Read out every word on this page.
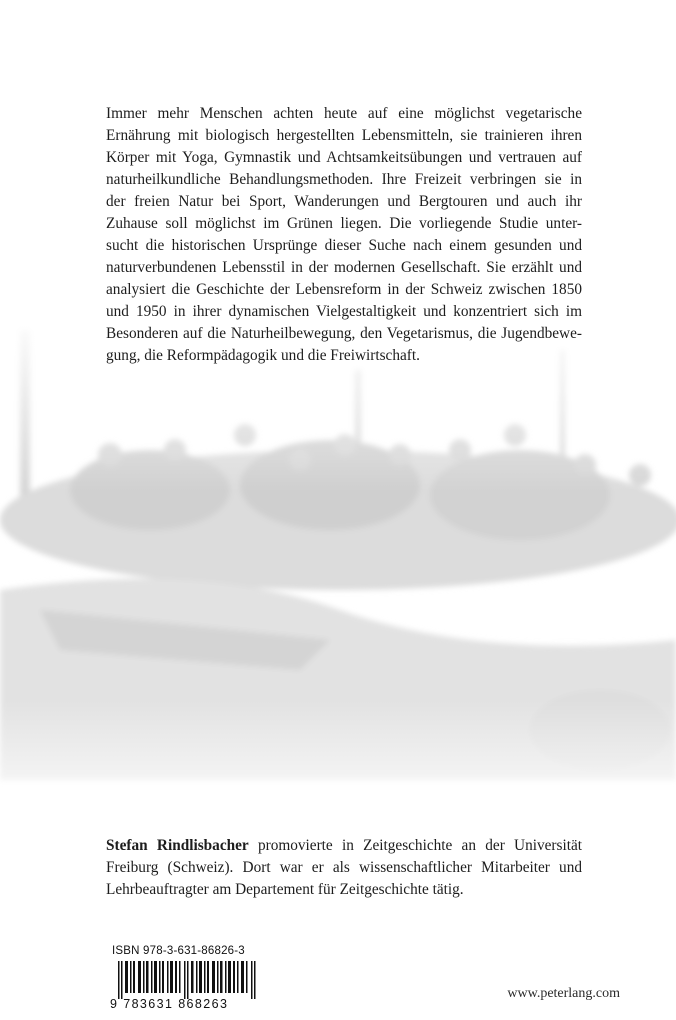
Immer mehr Menschen achten heute auf eine möglichst vegetarische
Ernährung mit biologisch hergestellten Lebensmitteln, sie trainieren ihren
Körper mit Yoga, Gymnastik und Achtsamkeitsübungen und vertrauen auf
naturheilkundliche Behandlungsmethoden. Ihre Freizeit verbringen sie in
der freien Natur bei Sport, Wanderungen und Bergtouren und auch ihr
Zuhause soll möglichst im Grünen liegen. Die vorliegende Studie unter-
sucht die historischen Ursprünge dieser Suche nach einem gesunden und
naturverbundenen Lebensstil in der modernen Gesellschaft. Sie erzählt und
analysiert die Geschichte der Lebensreform in der Schweiz zwischen 1850
und 1950 in ihrer dynamischen Vielgestaltigkeit und konzentriert sich im
Besonderen auf die Naturheilbewegung, den Vegetarismus, die Jugendbewe-
gung, die Reformpädagogik und die Freiwirtschaft.

Stefan Rindlisbacher promovierte in Zeitgeschichte an der Universität
Freiburg (Schweiz). Dort war er als wissenschaftlicher Mitarbeiter und
Lehrbeauftragter am Departement für Zeitgeschichte tätig.

ISBN 978-3-631-86826-3
9 783631 868263
www.peterlang.com
